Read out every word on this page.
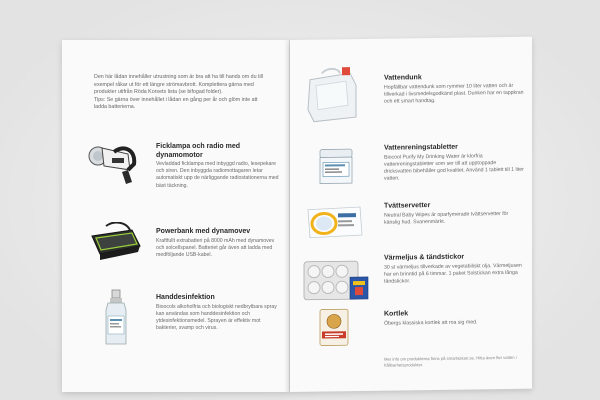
Den här lådan innehåller utrustning som är bra att ha till hands om du till exempel råkar ut för ett längre strömavbrott. Komplettera gärna med produkter utifrån Röda Korsets lista (se bifogad folder).

Tips: Se gärna över innehållet i lådan en gång per år och glöm inte att ladda batterierna.

Ficklampa och radio med dynamomotor
Vevladdad ficklampa med inbyggd radio, lesepekare och siren. Den inbyggda radiomottagaren letar automatiskt upp de närliggande radiostationerna med bäst täckning.
Powerbank med dynamovev
Kraftfullt extrabatteri på 8000 mAh med dynamovev och solcellspanel. Batteriet går även att ladda med medföljande USB-kabel.
Handdesinfektion
Bioocols alkoholfria och biologiskt nedbrytbara spray kan användas som handdesinfektion och ytdesinfektionsmedel. Sprayen är effektiv mot bakterier, svamp och virus.
Vattendunk
Hopfällbar vattendunk som rymmer 10 liter vatten och är tillverkad i livsmedelsgodkänd plast. Dunken har en tappkran och ett smart handtag.
Vattenreningstabletter
Biocool Purify My Drinking Water är klorfria vattenreningstabletter som ser till att upptoppade dricksvatten bibehåller god kvalitet. Använd 1 tablett till 1 liter vatten.
Tvättservetter
Neutral Baby Wipes är oparfymerade tvättservetter för känslig hud. Svanenmärkt.
Värmeljus & tändstickor
30 st värmeljus tillverkade av vegetabiliskt olja. Värmeljusen har en brinntid på 6 timmar. 1 paket Solstickan extra långa tändstickor.
Kortlek
Öbergs klassiska kortlek att roa sig med.
Mer info om produkterna finns på smartaskan.se. Hitta även fler vatten i hållbarhetsprodukter.
